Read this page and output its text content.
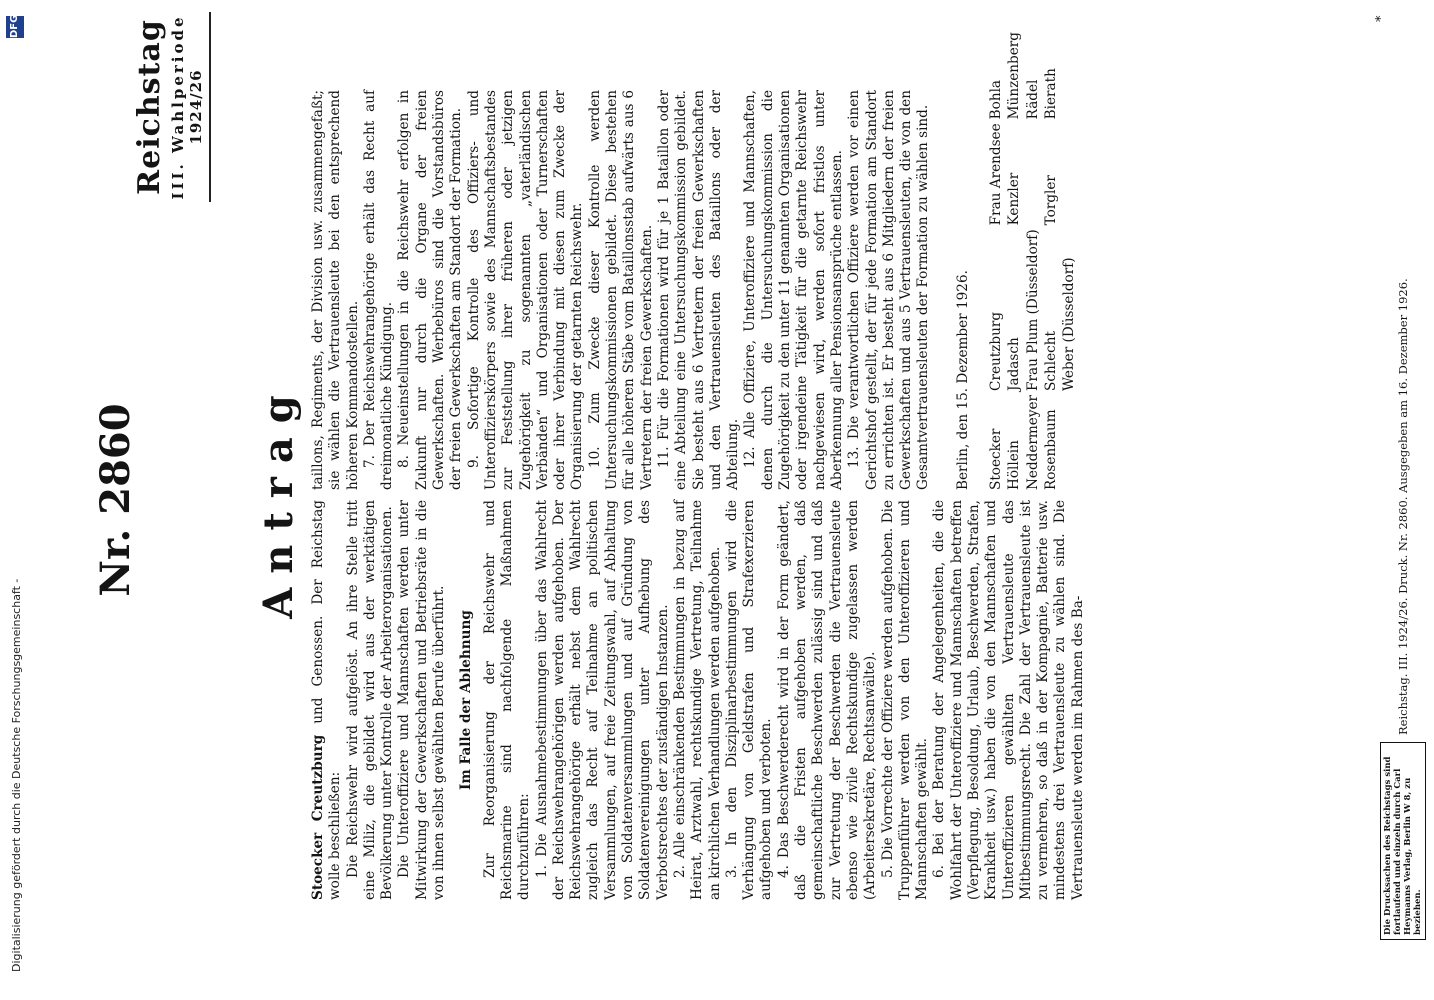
Digitalisierung gefördert durch die Deutsche Forschungsgemeinschaft -
DFG	Reichstag III. Wahlperiode 1924/26
Nr. 2860	Antrag

Stoecker Creutzburg und Genossen. Der Reichstag wolle beschließen: Die Reichswehr wird aufgelöst. An ihre Stelle tritt eine Miliz, die gebildet wird aus der werktätigen Bevölkerung unter Kontrolle der Arbeiterorganisationen. Die Unteroffiziere und Mannschaften werden unter Mitwirkung der Gewerkschaften und Betriebsräte in die von ihnen selbst gewählten Berufe überführt. Im Falle der Ablehnung Zur Reorganisierung der Reichswehr und Reichsmarine sind nachfolgende Maßnahmen durchzuführen: 1. Die Ausnahmebestimmungen über das Wahlrecht der Reichswehrangehörigen werden aufgehoben. Der Reichswehrangehörige erhält nebst dem Wahlrecht zugleich das Recht auf Teilnahme an politischen Versammlungen, auf freie Zeitungswahl, auf Abhaltung von Soldatenversammlungen und auf Gründung von Soldatenvereinigungen unter Aufhebung des Verbotsrechtes der zuständigen Instanzen. 2. Alle einschränkenden Bestimmungen in bezug auf Heirat, Arztwahl, rechtskundige Vertretung, Teilnahme an kirchlichen Verhandlungen werden aufgehoben. 3. In den Disziplinarbestimmungen wird die Verhängung von Geldstrafen und Strafexerzieren aufgehoben und verboten. 4. Das Beschwerderecht wird in der Form geändert, daß die Fristen aufgehoben werden, daß gemeinschaftliche Beschwerden zulässig sind und daß zur Vertretung der Beschwerden die Vertrauensleute ebenso wie zivile Rechtskundige zugelassen werden (Arbeitersekretäre, Rechtsanwälte). 5. Die Vorrechte der Offiziere werden aufgehoben. Die Truppenführer werden von den Unteroffizieren und Mannschaften gewählt. 6. Bei der Beratung der Angelegenheiten, die die Wohlfahrt der Unteroffiziere und Mannschaften betreffen (Verpflegung, Besoldung, Urlaub, Beschwerden, Strafen, Krankheit usw.) haben die von den Mannschaften und Unteroffizieren gewählten Vertrauensleute das Mitbestimmungsrecht. Die Zahl der Vertrauensleute ist zu vermehren, so daß in der Kompagnie, Batterie usw. mindestens drei Vertrauensleute zu wählen sind. Die Vertrauensleute werden im Rahmen des Ba-

taillons, Regiments, der Division usw. zusammengefaßt; sie wählen die Vertrauensleute bei den entsprechend höheren Kommandostellen. 7. Der Reichswehrangehörige erhält das Recht auf dreimonatliche Kündigung. 8. Neueinstellungen in die Reichswehr erfolgen in Zukunft nur durch die Organe der freien Gewerkschaften. Werbebüros sind die Vorstandsbüros der freien Gewerkschaften am Standort der Formation. 9. Sofortige Kontrolle des Offiziers- und Unteroffizierskörpers sowie des Mannschaftsbestandes zur Feststellung ihrer früheren oder jetzigen Zugehörigkeit zu sogenannten „vaterländischen Verbänden“ und Organisationen oder Turnerschaften oder ihrer Verbindung mit diesen zum Zwecke der Organisierung der getarnten Reichswehr. 10. Zum Zwecke dieser Kontrolle werden Untersuchungskommissionen gebildet. Diese bestehen für alle höheren Stäbe vom Bataillonsstab aufwärts aus 6 Vertretern der freien Gewerkschaften. 11. Für die Formationen wird für je 1 Bataillon oder eine Abteilung eine Untersuchungskommission gebildet. Sie besteht aus 6 Vertretern der freien Gewerkschaften und den Vertrauensleuten des Bataillons oder der Abteilung. 12. Alle Offiziere, Unteroffiziere und Mannschaften, denen durch die Untersuchungskommission die Zugehörigkeit zu den unter 11 genannten Organisationen oder irgendeine Tätigkeit für die getarnte Reichswehr nachgewiesen wird, werden sofort fristlos unter Aberkennung aller Pensionsansprüche entlassen. 13. Die verantwortlichen Offiziere werden vor einen Gerichtshof gestellt, der für jede Formation am Standort zu errichten ist. Er besteht aus 6 Mitgliedern der freien Gewerkschaften und aus 5 Vertrauensleuten, die von den Gesamtvertrauensleuten der Formation zu wählen sind. Berlin, den 15. Dezember 1926. Stoecker
Creutzburg
Frau Arendsee
Bohla
Höllein
Jadasch
Kenzler
Münzenberg
Neddermeyer
Frau Plum (Düsseldorf)
Rädel
Rosenbaum
Schlecht
Torgler
Bierath
Weber (Düsseldorf)
Die Drucksachen des Reichstags sind fortlaufend und einzeln durch Carl Heymanns Verlag, Berlin W 8, zu beziehen.
Reichstag. III. 1924/26. Druck. Nr. 2860. Ausgegeben am 16. Dezember 1926.
*
